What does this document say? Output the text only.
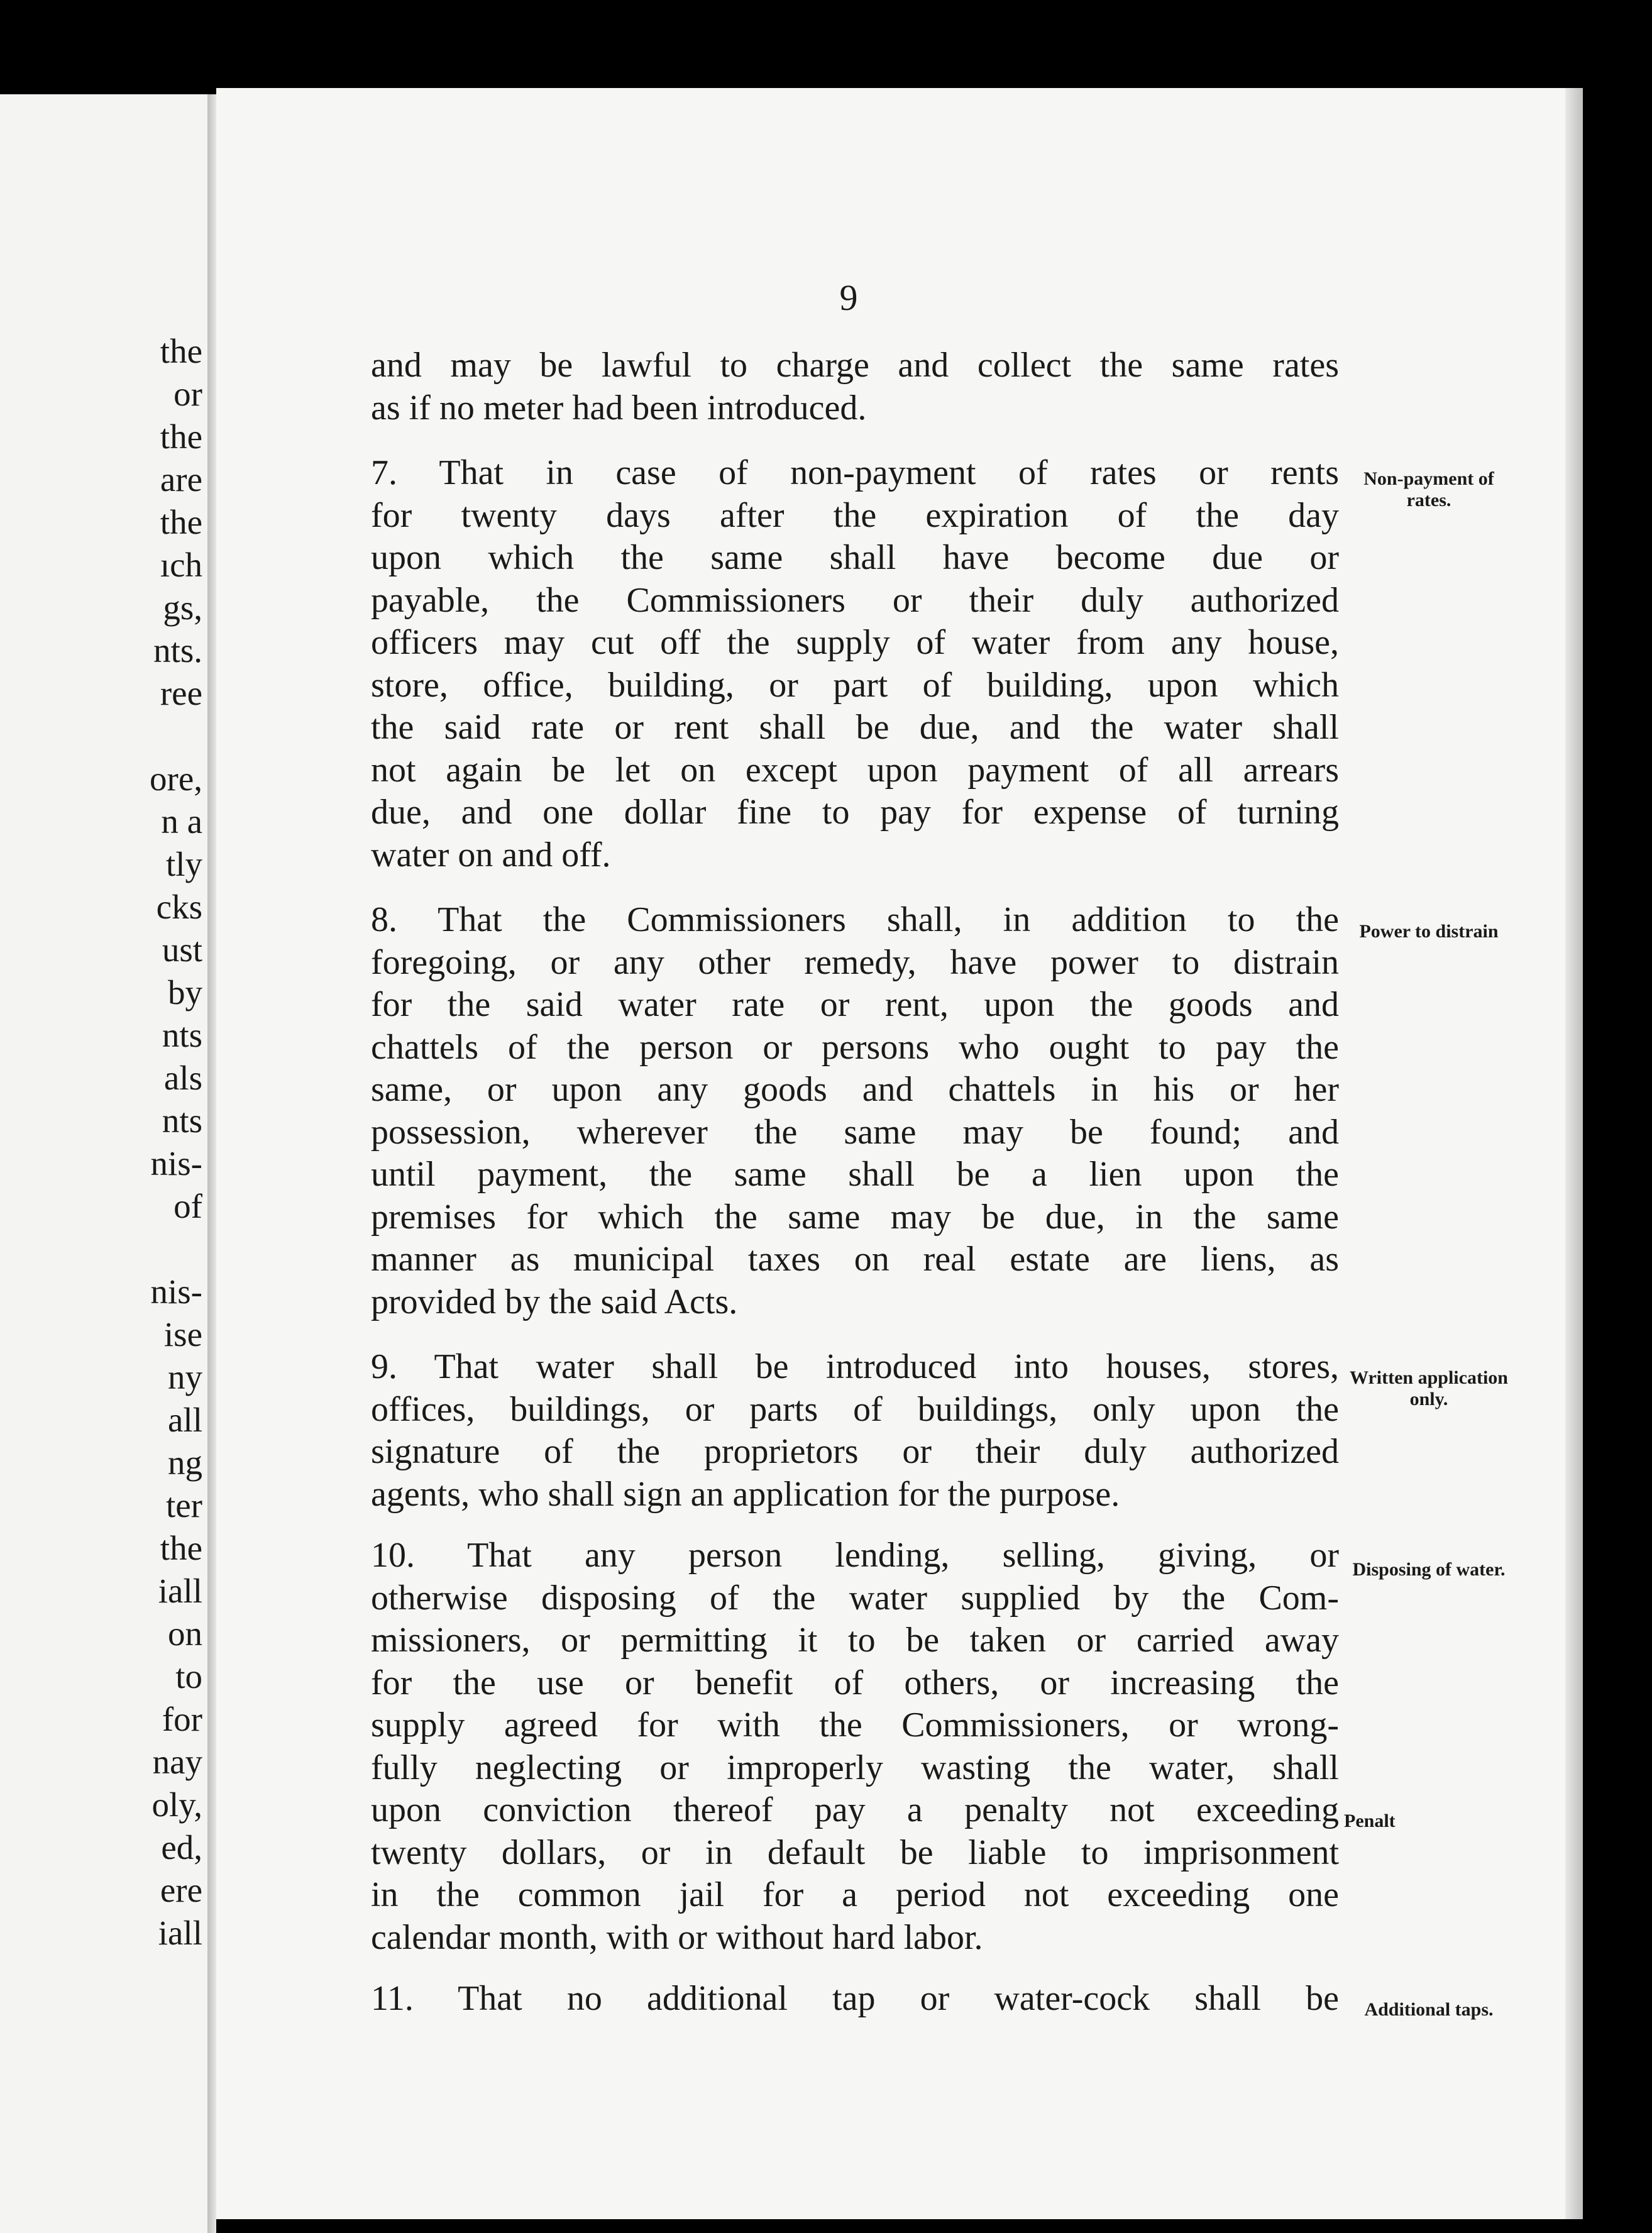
the
or
the
are
the
ıch
gs,
nts.
ree
ore,
n a
tly
cks
ust
by
nts
als
nts
nis-
of
nis-
ise
ny
all
ng
ter
the
iall
on
to
for
nay
oly,
ed,
ere
iall
9
and may be lawful to charge and collect the same rates
as if no meter had been introduced.
7. That in case of non-payment of rates or rents
for twenty days after the expiration of the day
upon which the same shall have become due or
payable, the Commissioners or their duly authorized
officers may cut off the supply of water from any house,
store, office, building, or part of building, upon which
the said rate or rent shall be due, and the water shall
not again be let on except upon payment of all arrears
due, and one dollar fine to pay for expense of turning
water on and off.
8. That the Commissioners shall, in addition to the
foregoing, or any other remedy, have power to distrain
for the said water rate or rent, upon the goods and
chattels of the person or persons who ought to pay the
same, or upon any goods and chattels in his or her
possession, wherever the same may be found; and
until payment, the same shall be a lien upon the
premises for which the same may be due, in the same
manner as municipal taxes on real estate are liens, as
provided by the said Acts.
9. That water shall be introduced into houses, stores,
offices, buildings, or parts of buildings, only upon the
signature of the proprietors or their duly authorized
agents, who shall sign an application for the purpose.
10. That any person lending, selling, giving, or
otherwise disposing of the water supplied by the Com-
missioners, or permitting it to be taken or carried away
for the use or benefit of others, or increasing the
supply agreed for with the Commissioners, or wrong-
fully neglecting or improperly wasting the water, shall
upon conviction thereof pay a penalty not exceeding
twenty dollars, or in default be liable to imprisonment
in the common jail for a period not exceeding one
calendar month, with or without hard labor.
11. That no additional tap or water-cock shall be
Non-payment of rates.
Power to distrain
Written application only.
Disposing of water.
Penalt
Additional taps.
